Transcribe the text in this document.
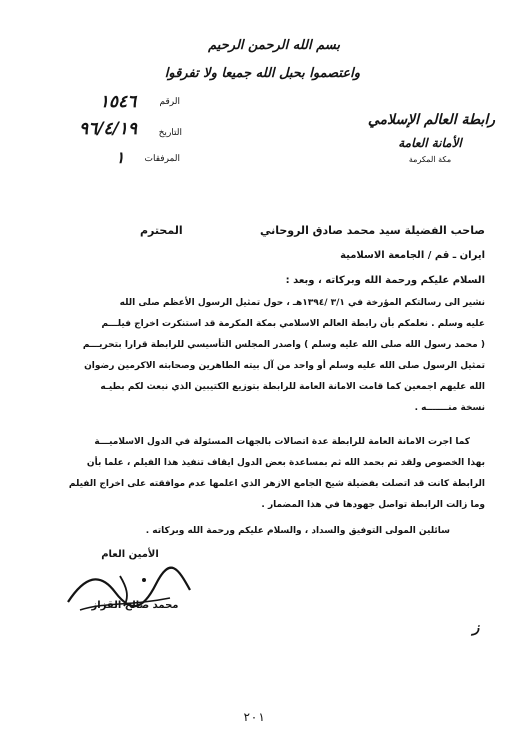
بسم الله الرحمن الرحيم
واعتصموا بحبل الله جميعا ولا تفرقوا
رابطة العالم الإسلامي
الأمانة العامة
مكة المكرمة
الرقم
١٥٤٦
التاريخ
٩٦/٤/١٩
المرفقات
١
صاحب الفضيلة سيد محمد صادق الروحاني
المحترم
ايران ـ قم / الجامعة الاسلامية
السلام عليكم ورحمة الله وبركاته ، وبعد :
نشير الى رسالتكم المؤرخة في ٣/١ /١٣٩٤هـ ، حول تمثيل الرسول الأعظم صلى الله
عليه وسلم . نعلمكم بأن رابطة العالم الاسلامي بمكة المكرمة قد استنكرت اخراج فيلـــم
( محمد رسول الله صلى الله عليه وسلم ) واصدر المجلس التأسيسي للرابطة قرارا بتحريـــم
تمثيل الرسول صلى الله عليه وسلم أو واحد من آل بيته الطاهرين وصحابته الاكرمين رضوان
الله عليهم اجمعين كما قامت الامانة العامة للرابطة بتوزيع الكتيبين الذي نبعث لكم بطيـه
نسخة منـــــــه .
كما اجرت الامانة العامة للرابطة عدة اتصالات بالجهات المسئولة في الدول الاسلاميـــة
بهذا الخصوص ولقد تم بحمد الله ثم بمساعدة بعض الدول ايقاف تنفيذ هذا الفيلم ، علما بأن
الرابطة كانت قد اتصلت بفضيلة شيخ الجامع الازهر الذي اعلمها عدم موافقته على اخراج الفيلم
وما زالت الرابطة تواصل جهودها في هذا المضمار .
سائلين المولى التوفيق والسداد ، والسلام عليكم ورحمة الله وبركاته .
الأمين العام
محمد صالح القزاز
ز
٢٠١
